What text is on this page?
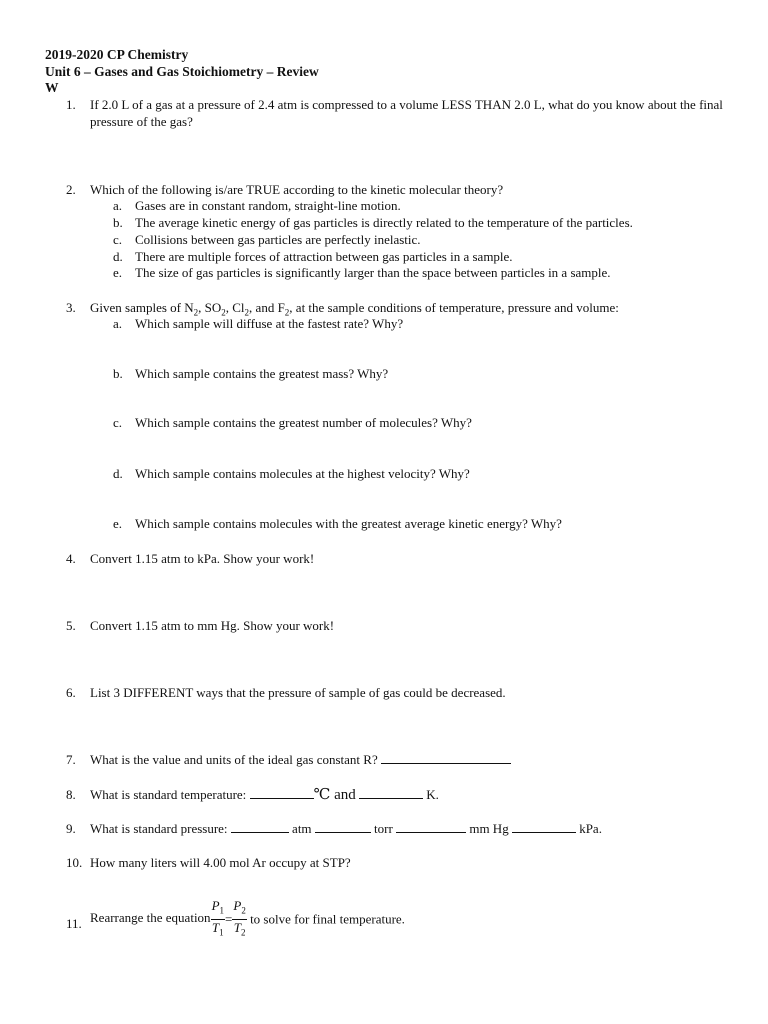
2019-2020 CP Chemistry
Unit 6 – Gases and Gas Stoichiometry – Review
W
1. If 2.0 L of a gas at a pressure of 2.4 atm is compressed to a volume LESS THAN 2.0 L, what do you know about the final pressure of the gas?
2. Which of the following is/are TRUE according to the kinetic molecular theory?
a. Gases are in constant random, straight-line motion.
b. The average kinetic energy of gas particles is directly related to the temperature of the particles.
c. Collisions between gas particles are perfectly inelastic.
d. There are multiple forces of attraction between gas particles in a sample.
e. The size of gas particles is significantly larger than the space between particles in a sample.
3. Given samples of $N_2$, $SO_2$, $Cl_2$, and $F_2$, at the sample conditions of temperature, pressure and volume:
a. Which sample will diffuse at the fastest rate? Why?
b. Which sample contains the greatest mass? Why?
c. Which sample contains the greatest number of molecules? Why?
d. Which sample contains molecules at the highest velocity? Why?
e. Which sample contains molecules with the greatest average kinetic energy? Why?
4. Convert 1.15 atm to kPa. Show your work!
5. Convert 1.15 atm to mm Hg. Show your work!
6. List 3 DIFFERENT ways that the pressure of sample of gas could be decreased.
7. What is the value and units of the ideal gas constant R?
8. What is standard temperature:	℃ and	K.
9. What is standard pressure:	atm	torr	mm Hg	kPa.
10. How many liters will 4.00 mol Ar occupy at STP?
11. Rearrange the equation $\frac{P_1}{T_1} = \frac{P_2}{T_2}$ to solve for final temperature.
